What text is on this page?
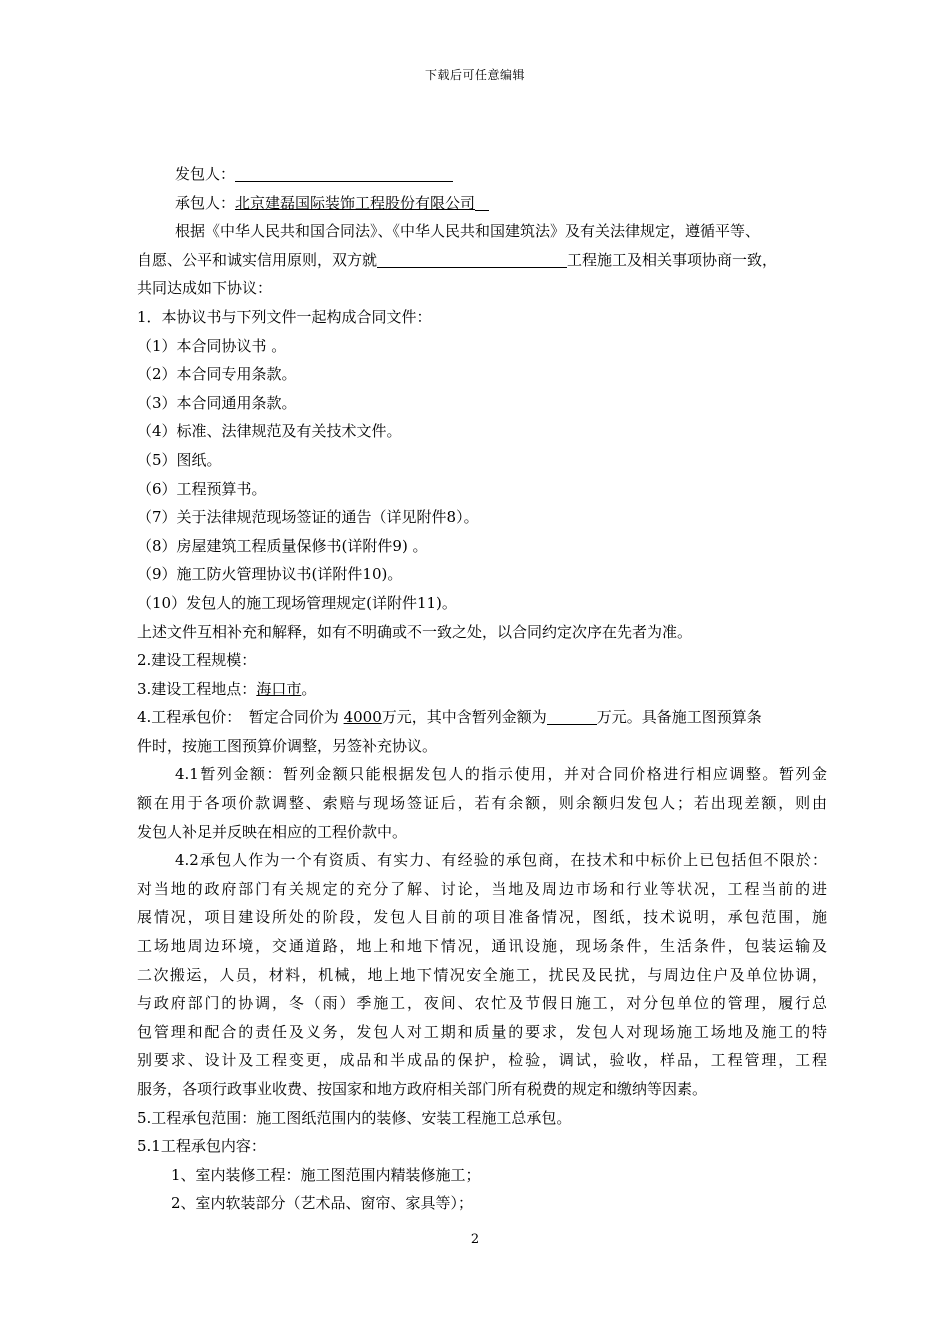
下载后可任意编辑
发包人：
承包人：北京建磊国际装饰工程股份有限公司
根据《中华人民共和国合同法》、《中华人民共和国建筑法》及有关法律规定，遵循平等、
自愿、公平和诚实信用原则，双方就	工程施工及相关事项协商一致，
共同达成如下协议：
1．本协议书与下列文件一起构成合同文件：
（1）本合同协议书 。
（2）本合同专用条款。
（3）本合同通用条款。
（4）标准、法律规范及有关技术文件。
（5）图纸。
（6）工程预算书。
（7）关于法律规范现场签证的通告（详见附件8）。
（8）房屋建筑工程质量保修书(详附件9) 。
（9）施工防火管理协议书(详附件10)。
（10）发包人的施工现场管理规定(详附件11)。
上述文件互相补充和解释，如有不明确或不一致之处，以合同约定次序在先者为准。
2.建设工程规模：
3.建设工程地点：海口市。
4.工程承包价：　暂定合同价为 4000万元，其中含暂列金额为	万元。具备施工图预算条
件时，按施工图预算价调整，另签补充协议。
4.1暂列金额：暂列金额只能根据发包人的指示使用，并对合同价格进行相应调整。暂列金
额在用于各项价款调整、索赔与现场签证后，若有余额，则余额归发包人；若出现差额，则由
发包人补足并反映在相应的工程价款中。
4.2承包人作为一个有资质、有实力、有经验的承包商，在技术和中标价上已包括但不限於：
对当地的政府部门有关规定的充分了解、讨论，当地及周边市场和行业等状况，工程当前的进
展情况，项目建设所处的阶段，发包人目前的项目准备情况，图纸，技术说明，承包范围，施
工场地周边环境，交通道路，地上和地下情况，通讯设施，现场条件，生活条件，包装运输及
二次搬运，人员，材料，机械，地上地下情况安全施工，扰民及民扰，与周边住户及单位协调，
与政府部门的协调，冬（雨）季施工，夜间、农忙及节假日施工，对分包单位的管理，履行总
包管理和配合的责任及义务，发包人对工期和质量的要求，发包人对现场施工场地及施工的特
别要求、设计及工程变更，成品和半成品的保护，检验，调试，验收，样品，工程管理，工程
服务，各项行政事业收费、按国家和地方政府相关部门所有税费的规定和缴纳等因素。
5.工程承包范围：施工图纸范围内的装修、安装工程施工总承包。
5.1工程承包内容：
1、室内装修工程：施工图范围内精装修施工；
2、室内软装部分（艺术品、窗帘、家具等）；
2
